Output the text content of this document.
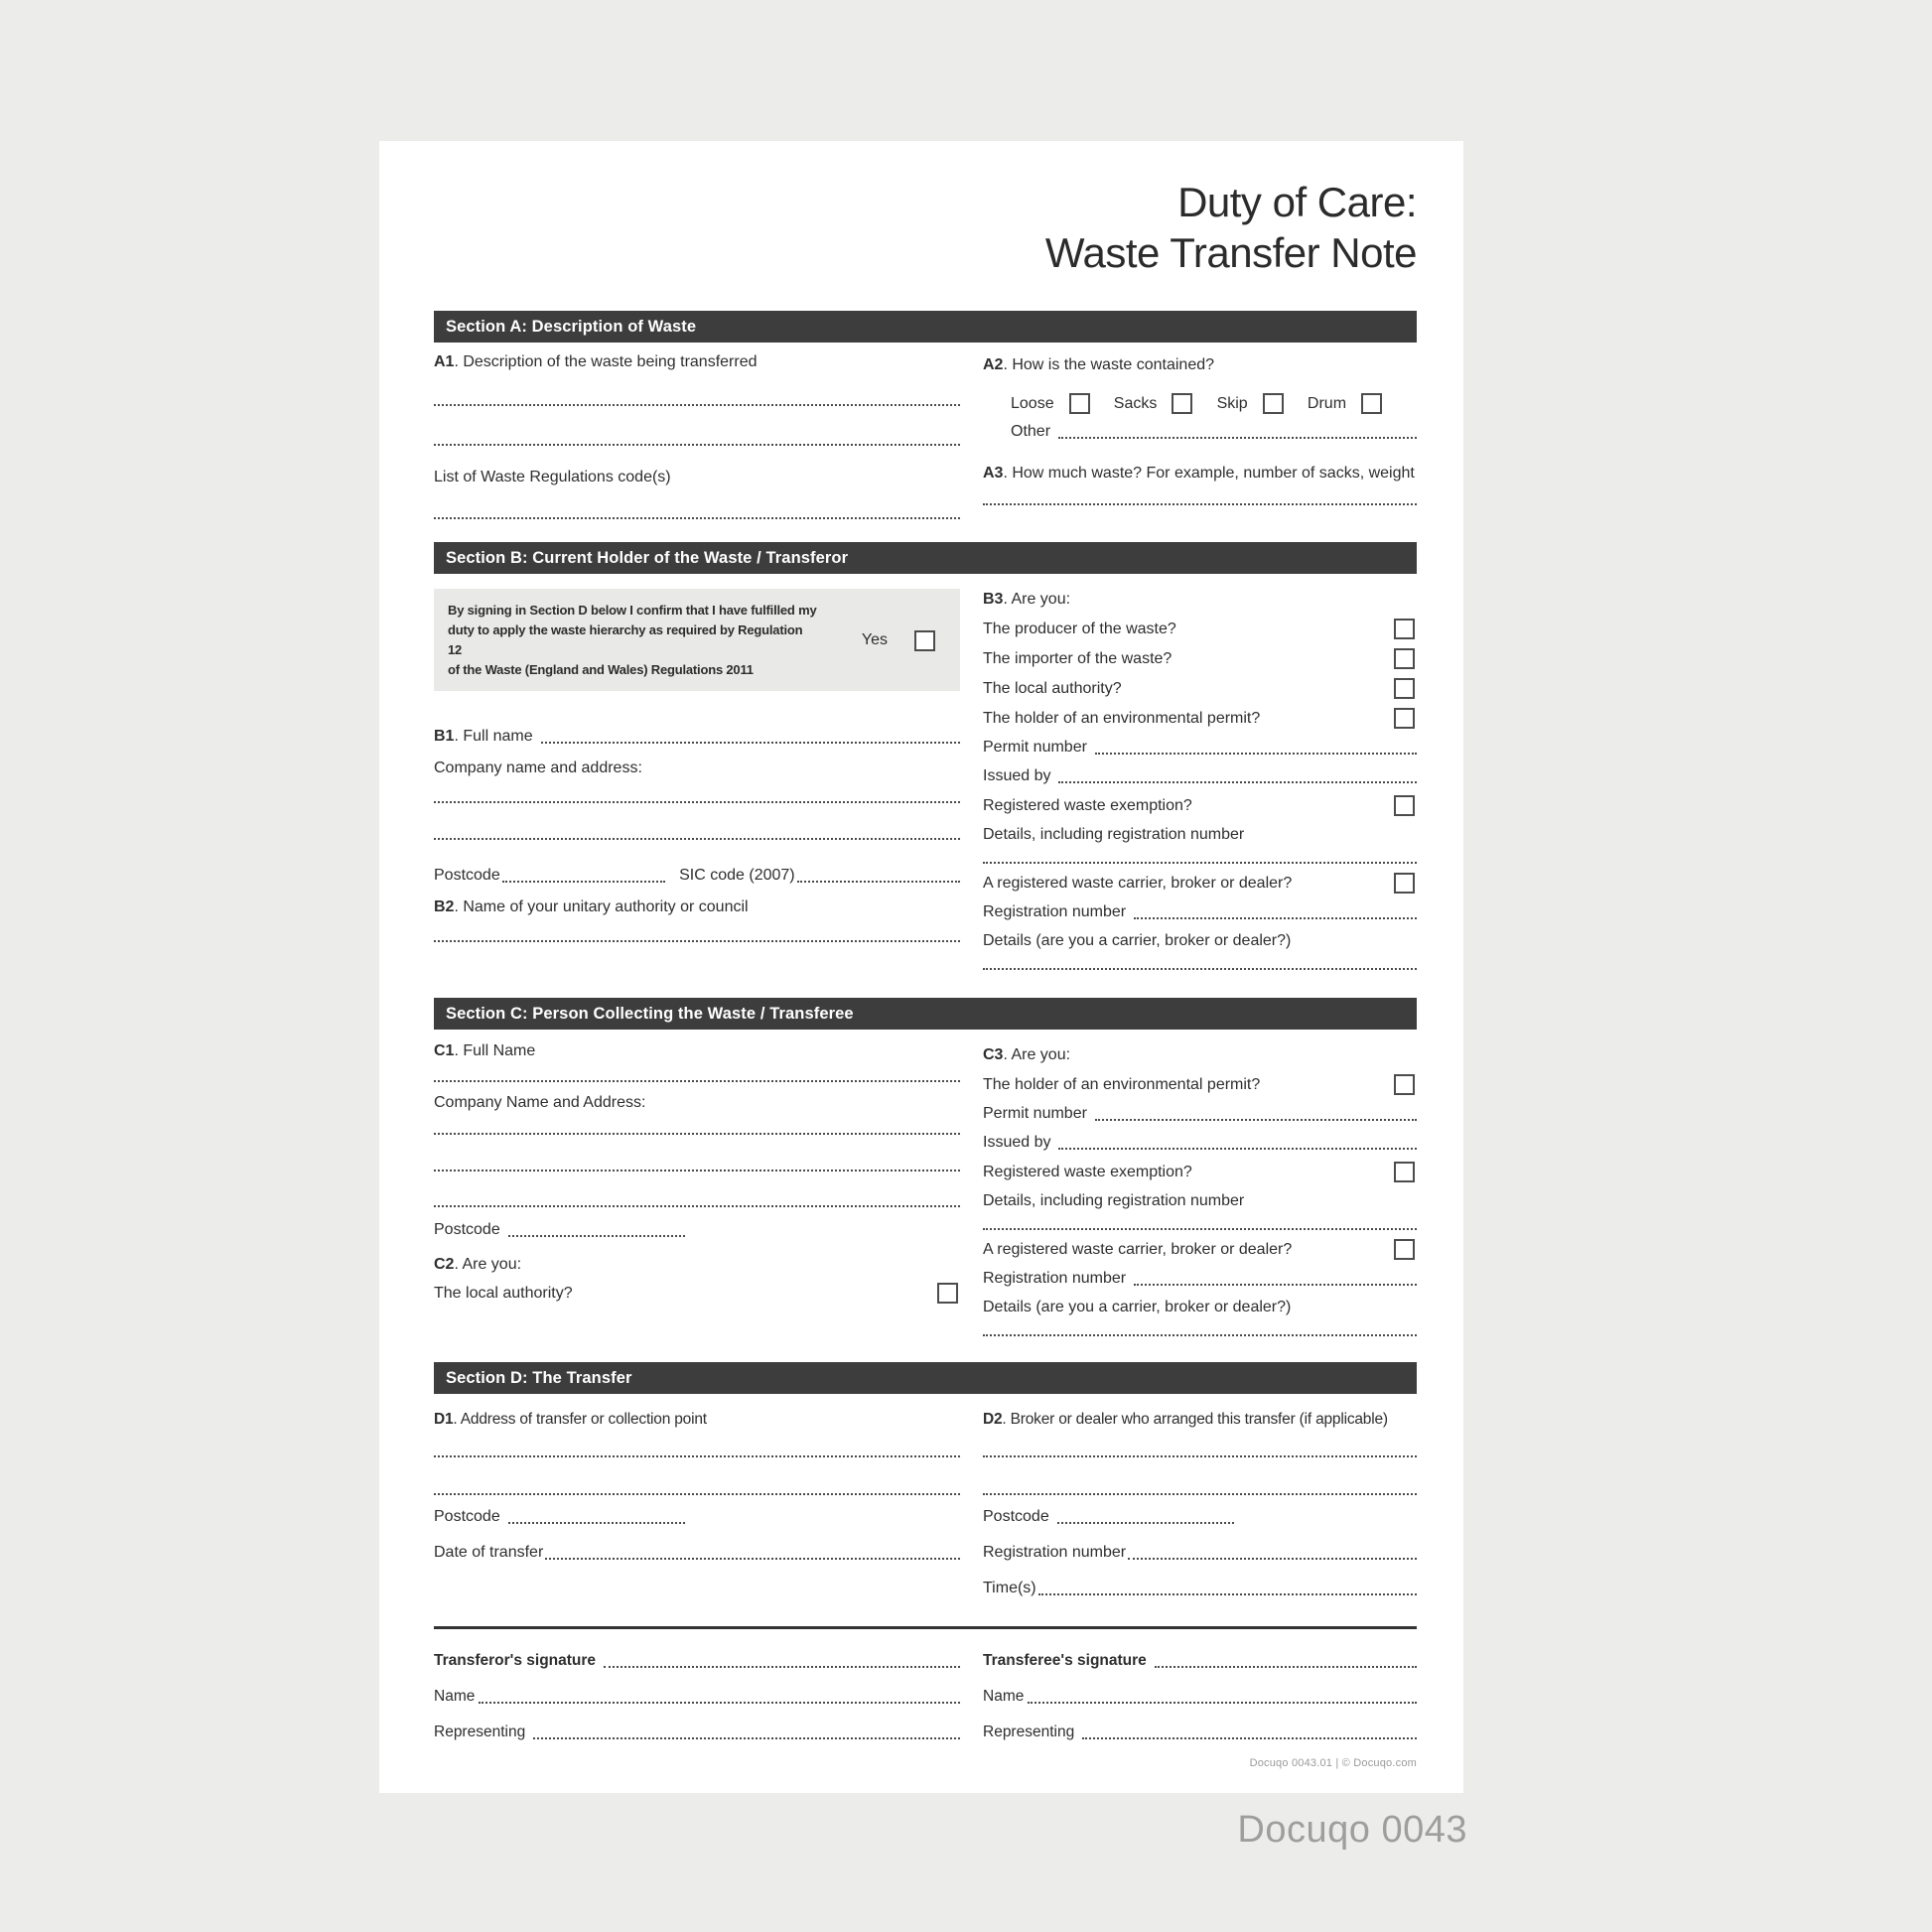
Duty of Care:
Waste Transfer Note
Section A: Description of Waste
A1. Description of the waste being transferred
List of Waste Regulations code(s)
A2. How is the waste contained?
Loose	Sacks	Skip	Drum
Other
A3. How much waste? For example, number of sacks, weight
Section B: Current Holder of the Waste / Transferor
By signing in Section D below I confirm that I have fulfilled my
duty to apply the waste hierarchy as required by Regulation 12
of the Waste (England and Wales) Regulations 2011
Yes
B1. Full name
Company name and address:
Postcode	SIC code (2007)
B2. Name of your unitary authority or council
B3. Are you:
The producer of the waste?
The importer of the waste?
The local authority?
The holder of an environmental permit?
Permit number
Issued by
Registered waste exemption?
Details, including registration number
A registered waste carrier, broker or dealer?
Registration number
Details (are you a carrier, broker or dealer?)
Section C: Person Collecting the Waste / Transferee
C1. Full Name
Company Name and Address:
Postcode
C2. Are you:
The local authority?
C3. Are you:
The holder of an environmental permit?
Permit number
Issued by
Registered waste exemption?
Details, including registration number
A registered waste carrier, broker or dealer?
Registration number
Details (are you a carrier, broker or dealer?)
Section D: The Transfer
D1. Address of transfer or collection point
Postcode
Date of transfer
D2. Broker or dealer who arranged this transfer (if applicable)
Postcode
Registration number
Time(s)
Transferor's signature
Name
Representing
Transferee's signature
Name
Representing
Docuqo 0043.01 | © Docuqo.com
Docuqo 0043
